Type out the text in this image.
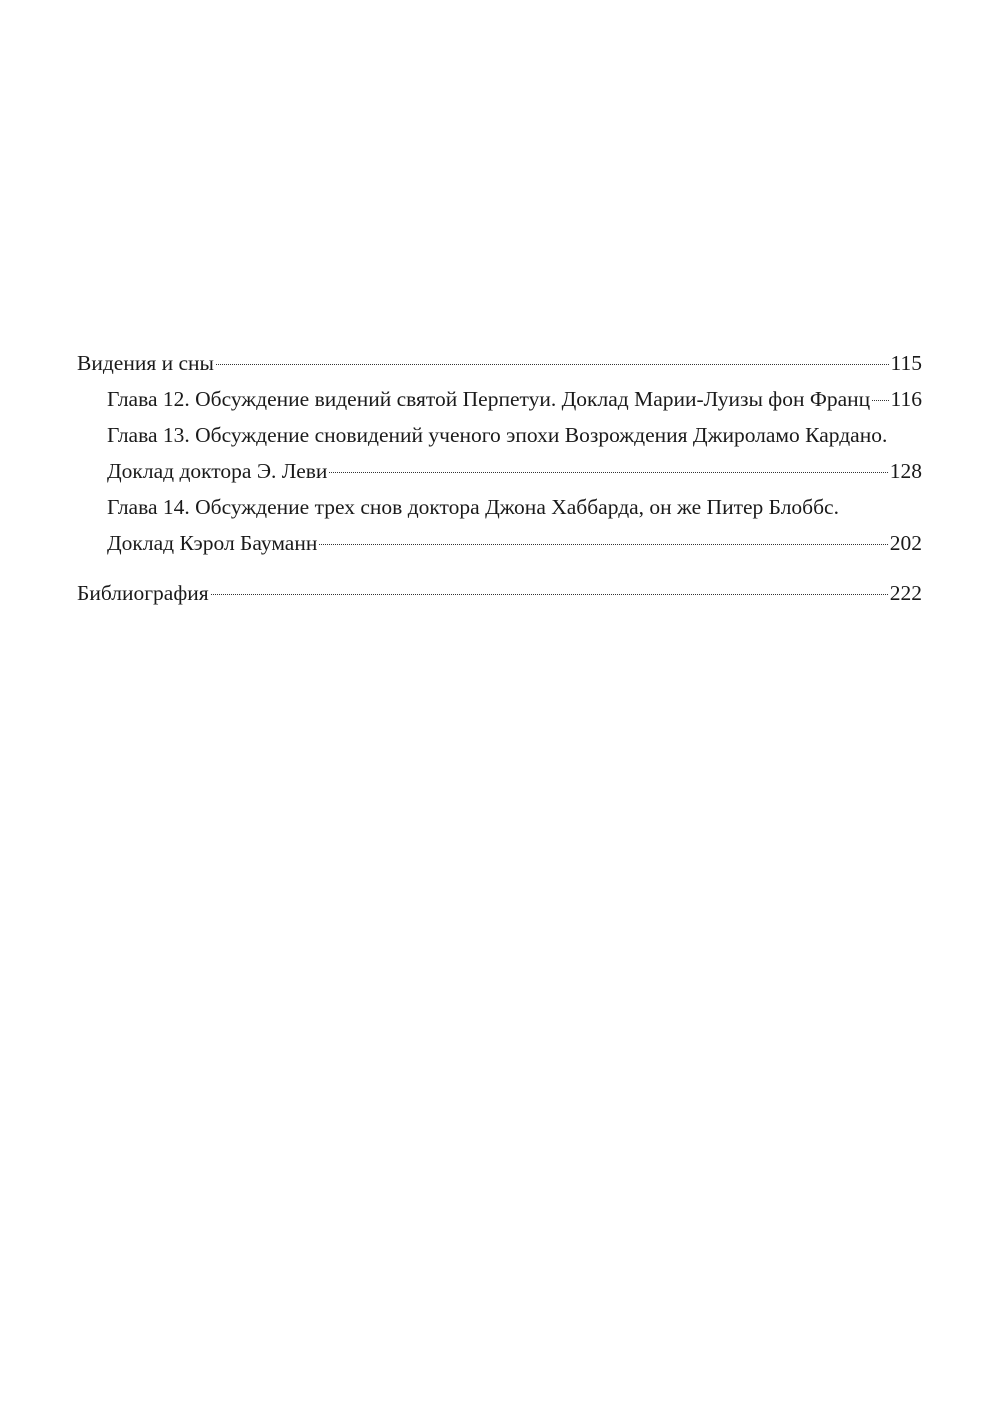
Видения и сны	115
Глава 12. Обсуждение видений святой Перпетуи. Доклад Марии-Луизы фон Франц 116
Глава 13. Обсуждение сновидений ученого эпохи Возрождения Джироламо Кардано.
Доклад доктора Э. Леви	128
Глава 14. Обсуждение трех снов доктора Джона Хаббарда, он же Питер Блоббс.
Доклад Кэрол Бауманн	202
Библиография	222
